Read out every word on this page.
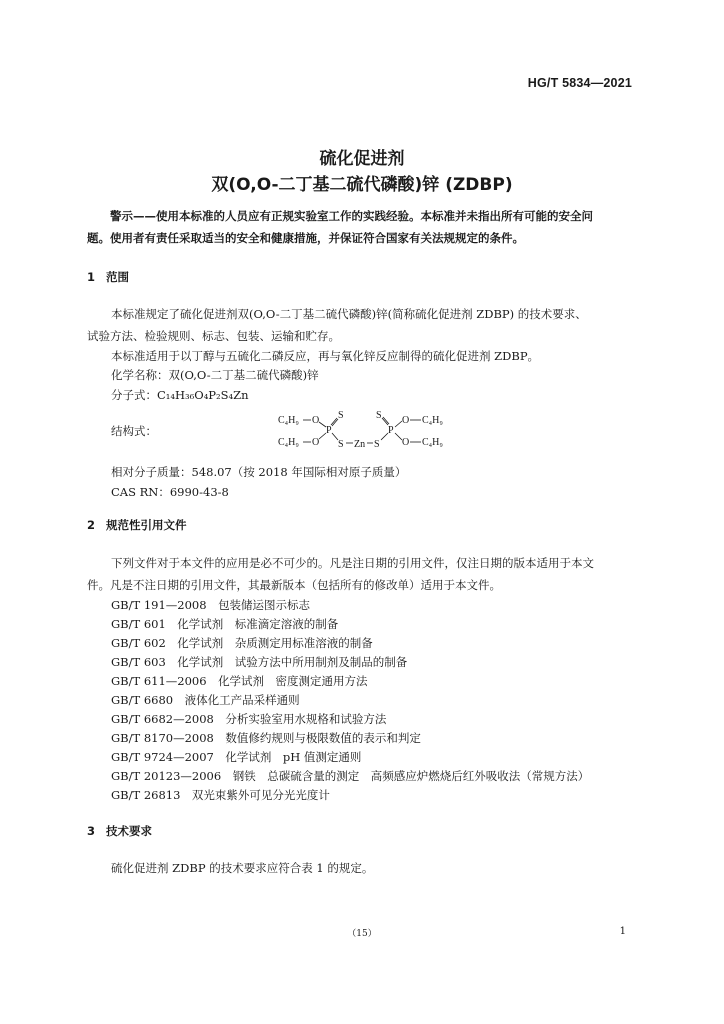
HG/T 5834—2021
硫化促进剂
双(O,O-二丁基二硫代磷酸)锌 (ZDBP)

警示——使用本标准的人员应有正规实验室工作的实践经验。本标准并未指出所有可能的安全问

题。使用者有责任采取适当的安全和健康措施，并保证符合国家有关法规规定的条件。

1 范围

本标准规定了硫化促进剂双(O,O-二丁基二硫代磷酸)锌(简称硫化促进剂 ZDBP) 的技术要求、

试验方法、检验规则、标志、包装、运输和贮存。

本标准适用于以丁醇与五硫化二磷反应，再与氧化锌反应制得的硫化促进剂 ZDBP。
化学名称：双(O,O-二丁基二硫代磷酸)锌
分子式：C₁₄H₃₆O₄P₂S₄Zn
结构式：
C₄H₉ O S
P
C₄H₉ O S Zn S
S
P
O C₄H₉
O C₄H₉
相对分子质量：548.07（按 2018 年国际相对原子质量）
CAS RN：6990-43-8
2 规范性引用文件

下列文件对于本文件的应用是必不可少的。凡是注日期的引用文件，仅注日期的版本适用于本文

件。凡是不注日期的引用文件，其最新版本（包括所有的修改单）适用于本文件。

GB/T 191—2008　 包装储运图示标志
GB/T 601　 化学试剂　标准滴定溶液的制备
GB/T 602　 化学试剂　杂质测定用标准溶液的制备
GB/T 603　 化学试剂　试验方法中所用制剂及制品的制备
GB/T 611—2006　 化学试剂　密度测定通用方法
GB/T 6680　 液体化工产品采样通则
GB/T 6682—2008　 分析实验室用水规格和试验方法
GB/T 8170—2008　 数值修约规则与极限数值的表示和判定
GB/T 9724—2007　 化学试剂　pH 值测定通则
GB/T 20123—2006　 钢铁　总碳硫含量的测定　高频感应炉燃烧后红外吸收法（常规方法）
GB/T 26813　 双光束紫外可见分光光度计
3 技术要求
硫化促进剂 ZDBP 的技术要求应符合表 1 的规定。
（15）	1
